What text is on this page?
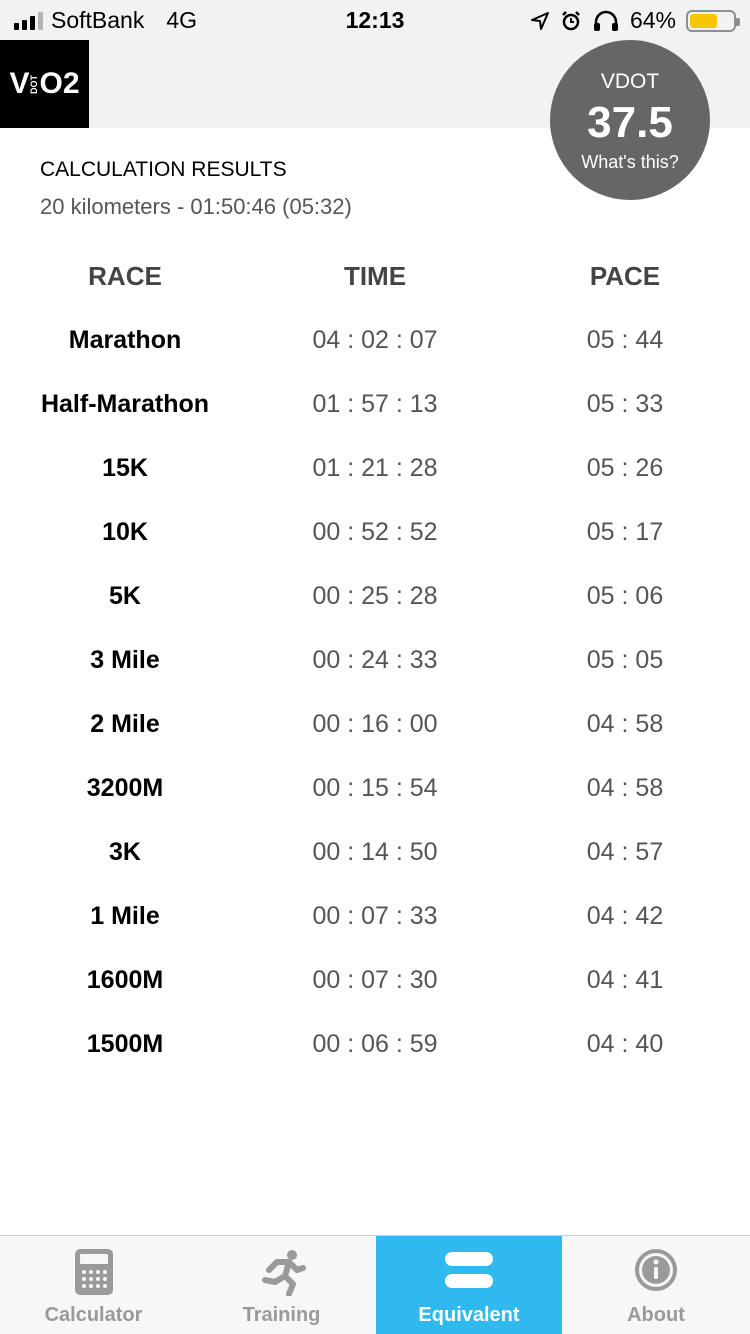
SoftBank 4G	12:13	64%
V DOT O2	VDOT
37.5
What's this?
CALCULATION RESULTS
20 kilometers - 01:50:46 (05:32)
RACE	TIME	PACE
Marathon	04 : 02 : 07	05 : 44
Half-Marathon	01 : 57 : 13	05 : 33
15K	01 : 21 : 28	05 : 26
10K	00 : 52 : 52	05 : 17
5K	00 : 25 : 28	05 : 06
3 Mile	00 : 24 : 33	05 : 05
2 Mile	00 : 16 : 00	04 : 58
3200M	00 : 15 : 54	04 : 58
3K	00 : 14 : 50	04 : 57
1 Mile	00 : 07 : 33	04 : 42
1600M	00 : 07 : 30	04 : 41
1500M	00 : 06 : 59	04 : 40
Calculator	Training	Equivalent	About
